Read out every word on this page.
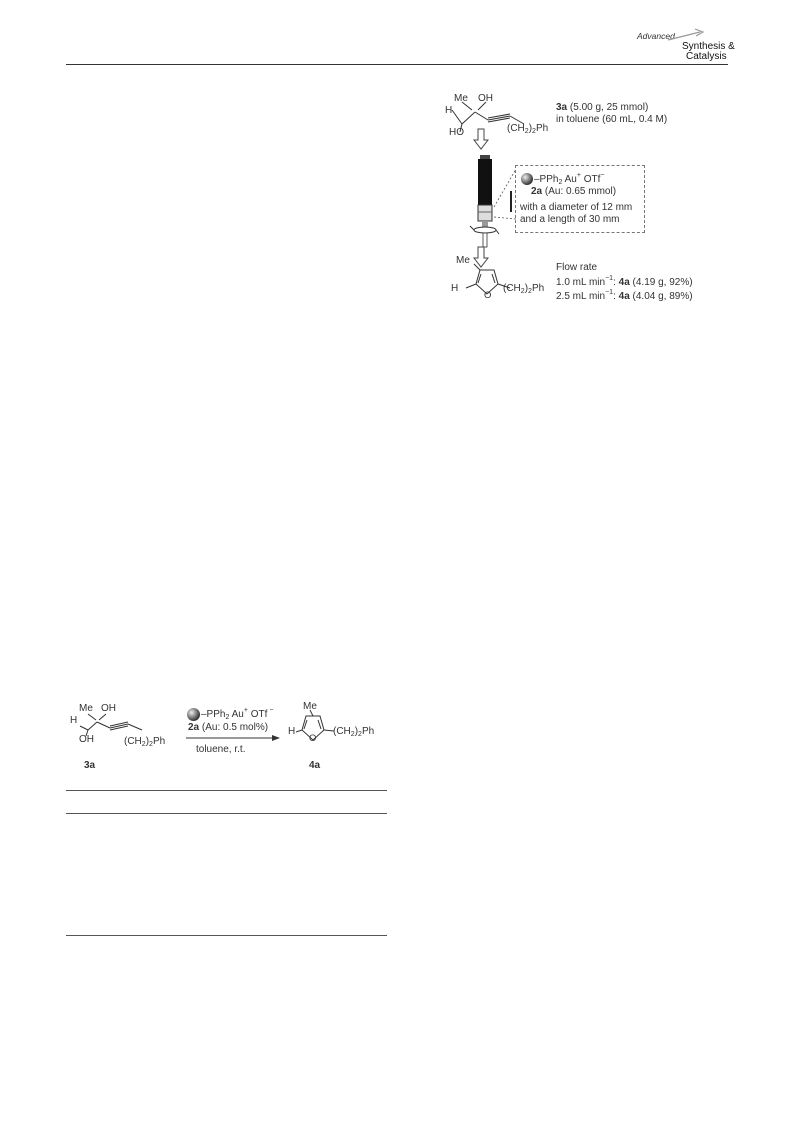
Advanced
Synthesis &
Catalysis
Me OH
H
HO	$(CH_2)_2Ph$
3a (5.00 g, 25 mmol)
in toluene (60 mL, 0.4 M)
–PPh$_2$ Au+ OTf−
2a (Au: 0.65 mmol)
with a diameter of 12 mm
and a length of 30 mm
Me
H
O
$(CH_2)_2Ph$
Flow rate
1.0 mL $\min^{-1}$: 4a (4.19 g, 92%)
2.5 mL $\min^{-1}$: 4a (4.04 g, 89%)
Me OH
H
OH	$(CH_2)_2Ph$
3a
–PPh$_2$ Au+ OTf −
2a (Au: 0.5 mol%)
toluene, r.t.
Me
H
O
$(CH_2)_2Ph$
4a
